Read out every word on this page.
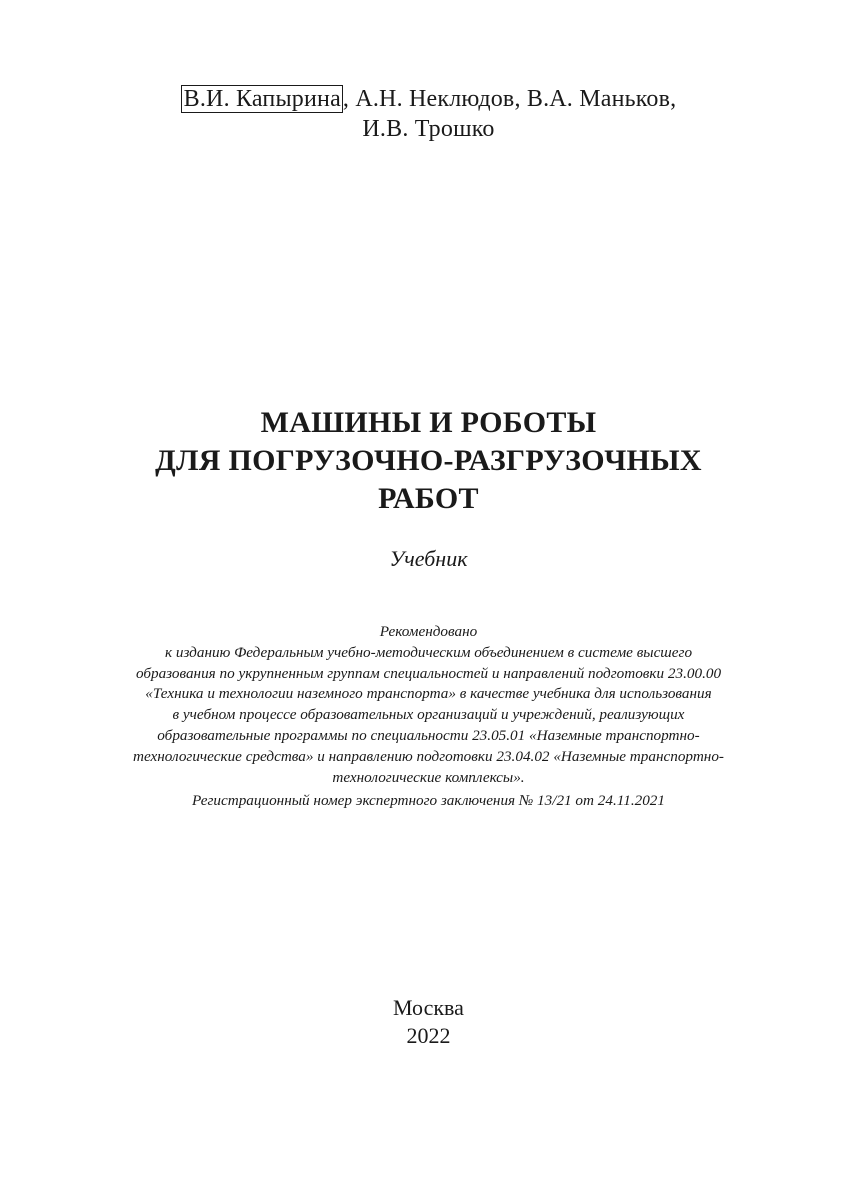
В.И. Капырина, А.Н. Неклюдов, В.А. Маньков,
И.В. Трошко
МАШИНЫ И РОБОТЫ
ДЛЯ ПОГРУЗОЧНО-РАЗГРУЗОЧНЫХ
РАБОТ
Учебник
Рекомендовано
к изданию Федеральным учебно-методическим объединением в системе высшего
образования по укрупненным группам специальностей и направлений подготовки 23.00.00
«Техника и технологии наземного транспорта» в качестве учебника для использования
в учебном процессе образовательных организаций и учреждений, реализующих
образовательные программы по специальности 23.05.01 «Наземные транспортно-
технологические средства» и направлению подготовки 23.04.02 «Наземные транспортно-
технологические комплексы».
Регистрационный номер экспертного заключения № 13/21 от 24.11.2021
Москва
2022
